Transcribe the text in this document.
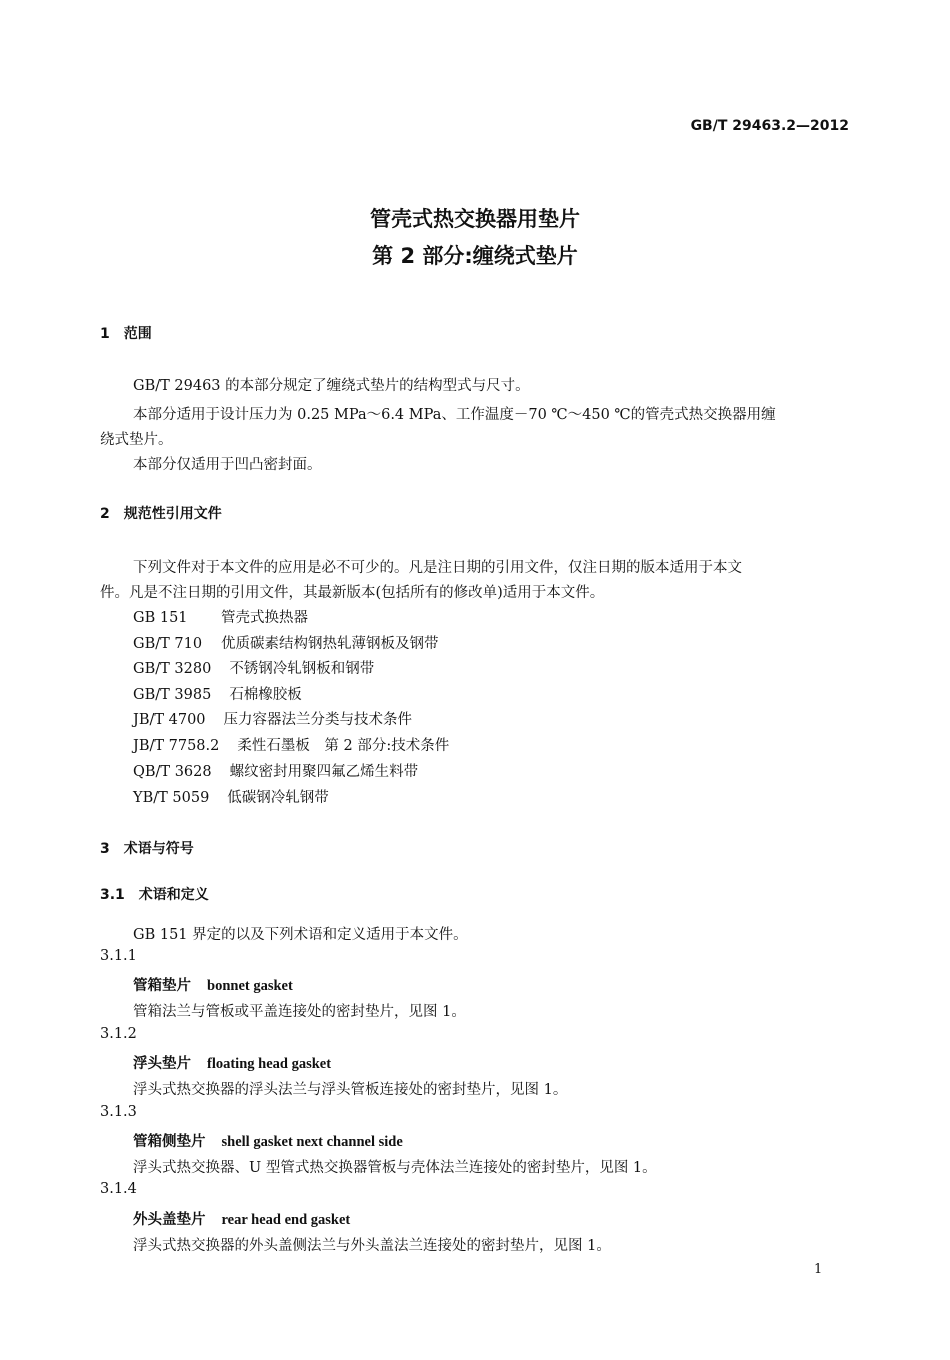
GB/T 29463.2—2012
管壳式热交换器用垫片
第 2 部分:缠绕式垫片
1　范围
GB/T 29463 的本部分规定了缠绕式垫片的结构型式与尺寸。
本部分适用于设计压力为 0.25 MPa～6.4 MPa、工作温度－70 ℃～450 ℃的管壳式热交换器用缠
绕式垫片。
本部分仅适用于凹凸密封面。
2　规范性引用文件
下列文件对于本文件的应用是必不可少的。凡是注日期的引用文件，仅注日期的版本适用于本文
件。凡是不注日期的引用文件，其最新版本(包括所有的修改单)适用于本文件。
GB 151 管壳式换热器
GB/T 710 优质碳素结构钢热轧薄钢板及钢带
GB/T 3280 不锈钢冷轧钢板和钢带
GB/T 3985 石棉橡胶板
JB/T 4700 压力容器法兰分类与技术条件
JB/T 7758.2 柔性石墨板　第 2 部分:技术条件
QB/T 3628 螺纹密封用聚四氟乙烯生料带
YB/T 5059 低碳钢冷轧钢带
3　术语与符号
3.1　术语和定义
GB 151 界定的以及下列术语和定义适用于本文件。
3.1.1
管箱垫片 bonnet gasket
管箱法兰与管板或平盖连接处的密封垫片，见图 1。
3.1.2
浮头垫片 floating head gasket
浮头式热交换器的浮头法兰与浮头管板连接处的密封垫片，见图 1。
3.1.3
管箱侧垫片 shell gasket next channel side
浮头式热交换器、U 型管式热交换器管板与壳体法兰连接处的密封垫片，见图 1。
3.1.4
外头盖垫片 rear head end gasket
浮头式热交换器的外头盖侧法兰与外头盖法兰连接处的密封垫片，见图 1。
1
